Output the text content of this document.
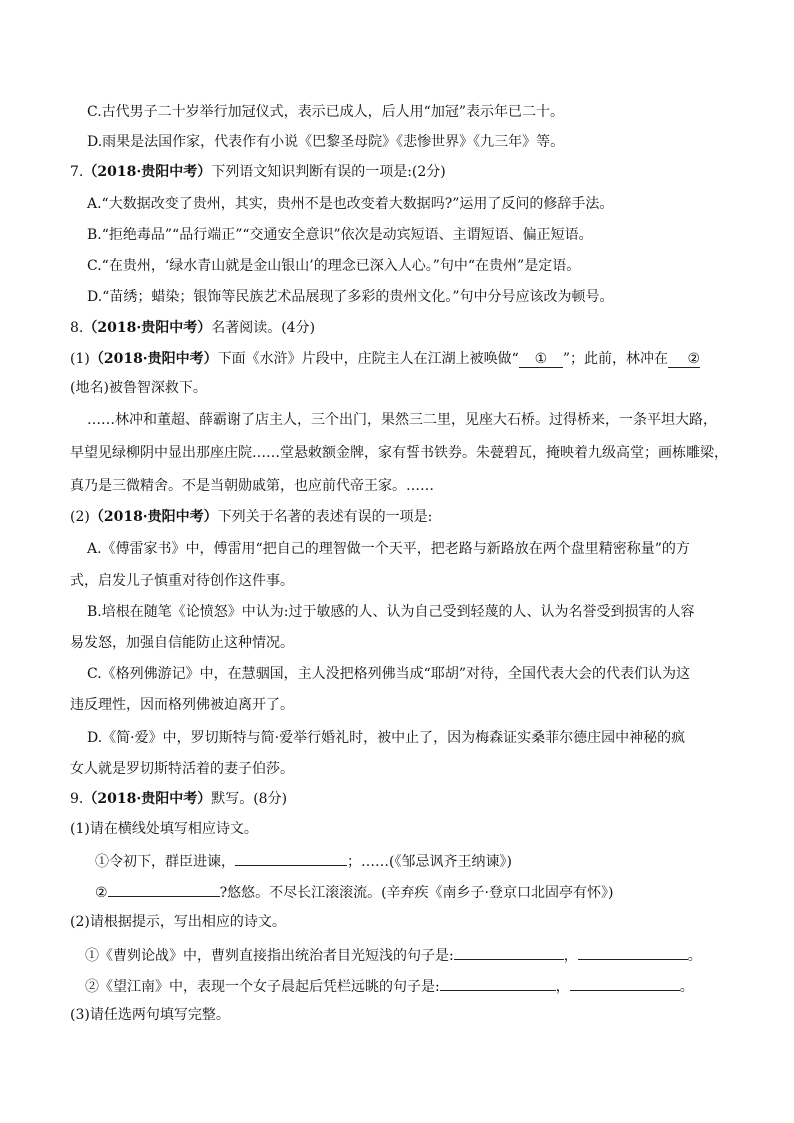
C.古代男子二十岁举行加冠仪式，表示已成人，后人用“加冠”表示年已二十。
D.雨果是法国作家，代表作有小说《巴黎圣母院》《悲惨世界》《九三年》等。
7.（2018·贵阳中考）下列语文知识判断有误的一项是:(2分)
A.“大数据改变了贵州，其实，贵州不是也改变着大数据吗?”运用了反问的修辞手法。
B.“拒绝毒品”“品行端正”“交通安全意识”依次是动宾短语、主谓短语、偏正短语。
C.“在贵州，‘绿水青山就是金山银山’的理念已深入人心。”句中“在贵州”是定语。
D.“苗绣；蜡染；银饰等民族艺术品展现了多彩的贵州文化。”句中分号应该改为顿号。
8.（2018·贵阳中考）名著阅读。(4分)
(1)（2018·贵阳中考）下面《水浒》片段中，庄院主人在江湖上被唤做“ ① ”；此前，林冲在 ②
(地名)被鲁智深救下。
……林冲和董超、薛霸谢了店主人，三个出门，果然三二里，见座大石桥。过得桥来，一条平坦大路，
早望见绿柳阴中显出那座庄院……堂悬敕额金牌，家有誓书铁券。朱甍碧瓦，掩映着九级高堂；画栋雕梁，
真乃是三微精舍。不是当朝勋戚第，也应前代帝王家。……
(2)（2018·贵阳中考）下列关于名著的表述有误的一项是:
A.《傅雷家书》中，傅雷用“把自己的理智做一个天平，把老路与新路放在两个盘里精密称量”的方
式，启发儿子慎重对待创作这件事。
B.培根在随笔《论愤怒》中认为:过于敏感的人、认为自己受到轻蔑的人、认为名誉受到损害的人容
易发怒，加强自信能防止这种情况。
C.《格列佛游记》中，在慧骃国，主人没把格列佛当成“耶胡”对待，全国代表大会的代表们认为这
违反理性，因而格列佛被迫离开了。
D.《简·爱》中，罗切斯特与简·爱举行婚礼时，被中止了，因为梅森证实桑菲尔德庄园中神秘的疯
女人就是罗切斯特活着的妻子伯莎。
9.（2018·贵阳中考）默写。(8分)
(1)请在横线处填写相应诗文。
①令初下，群臣进谏，	；……(《邹忌讽齐王纳谏》)
②	?悠悠。不尽长江滚滚流。(辛弃疾《南乡子·登京口北固亭有怀》)
(2)请根据提示，写出相应的诗文。
①《曹刿论战》中，曹刿直接指出统治者目光短浅的句子是:	，	。
②《望江南》中，表现一个女子晨起后凭栏远眺的句子是:	，	。
(3)请任选两句填写完整。
